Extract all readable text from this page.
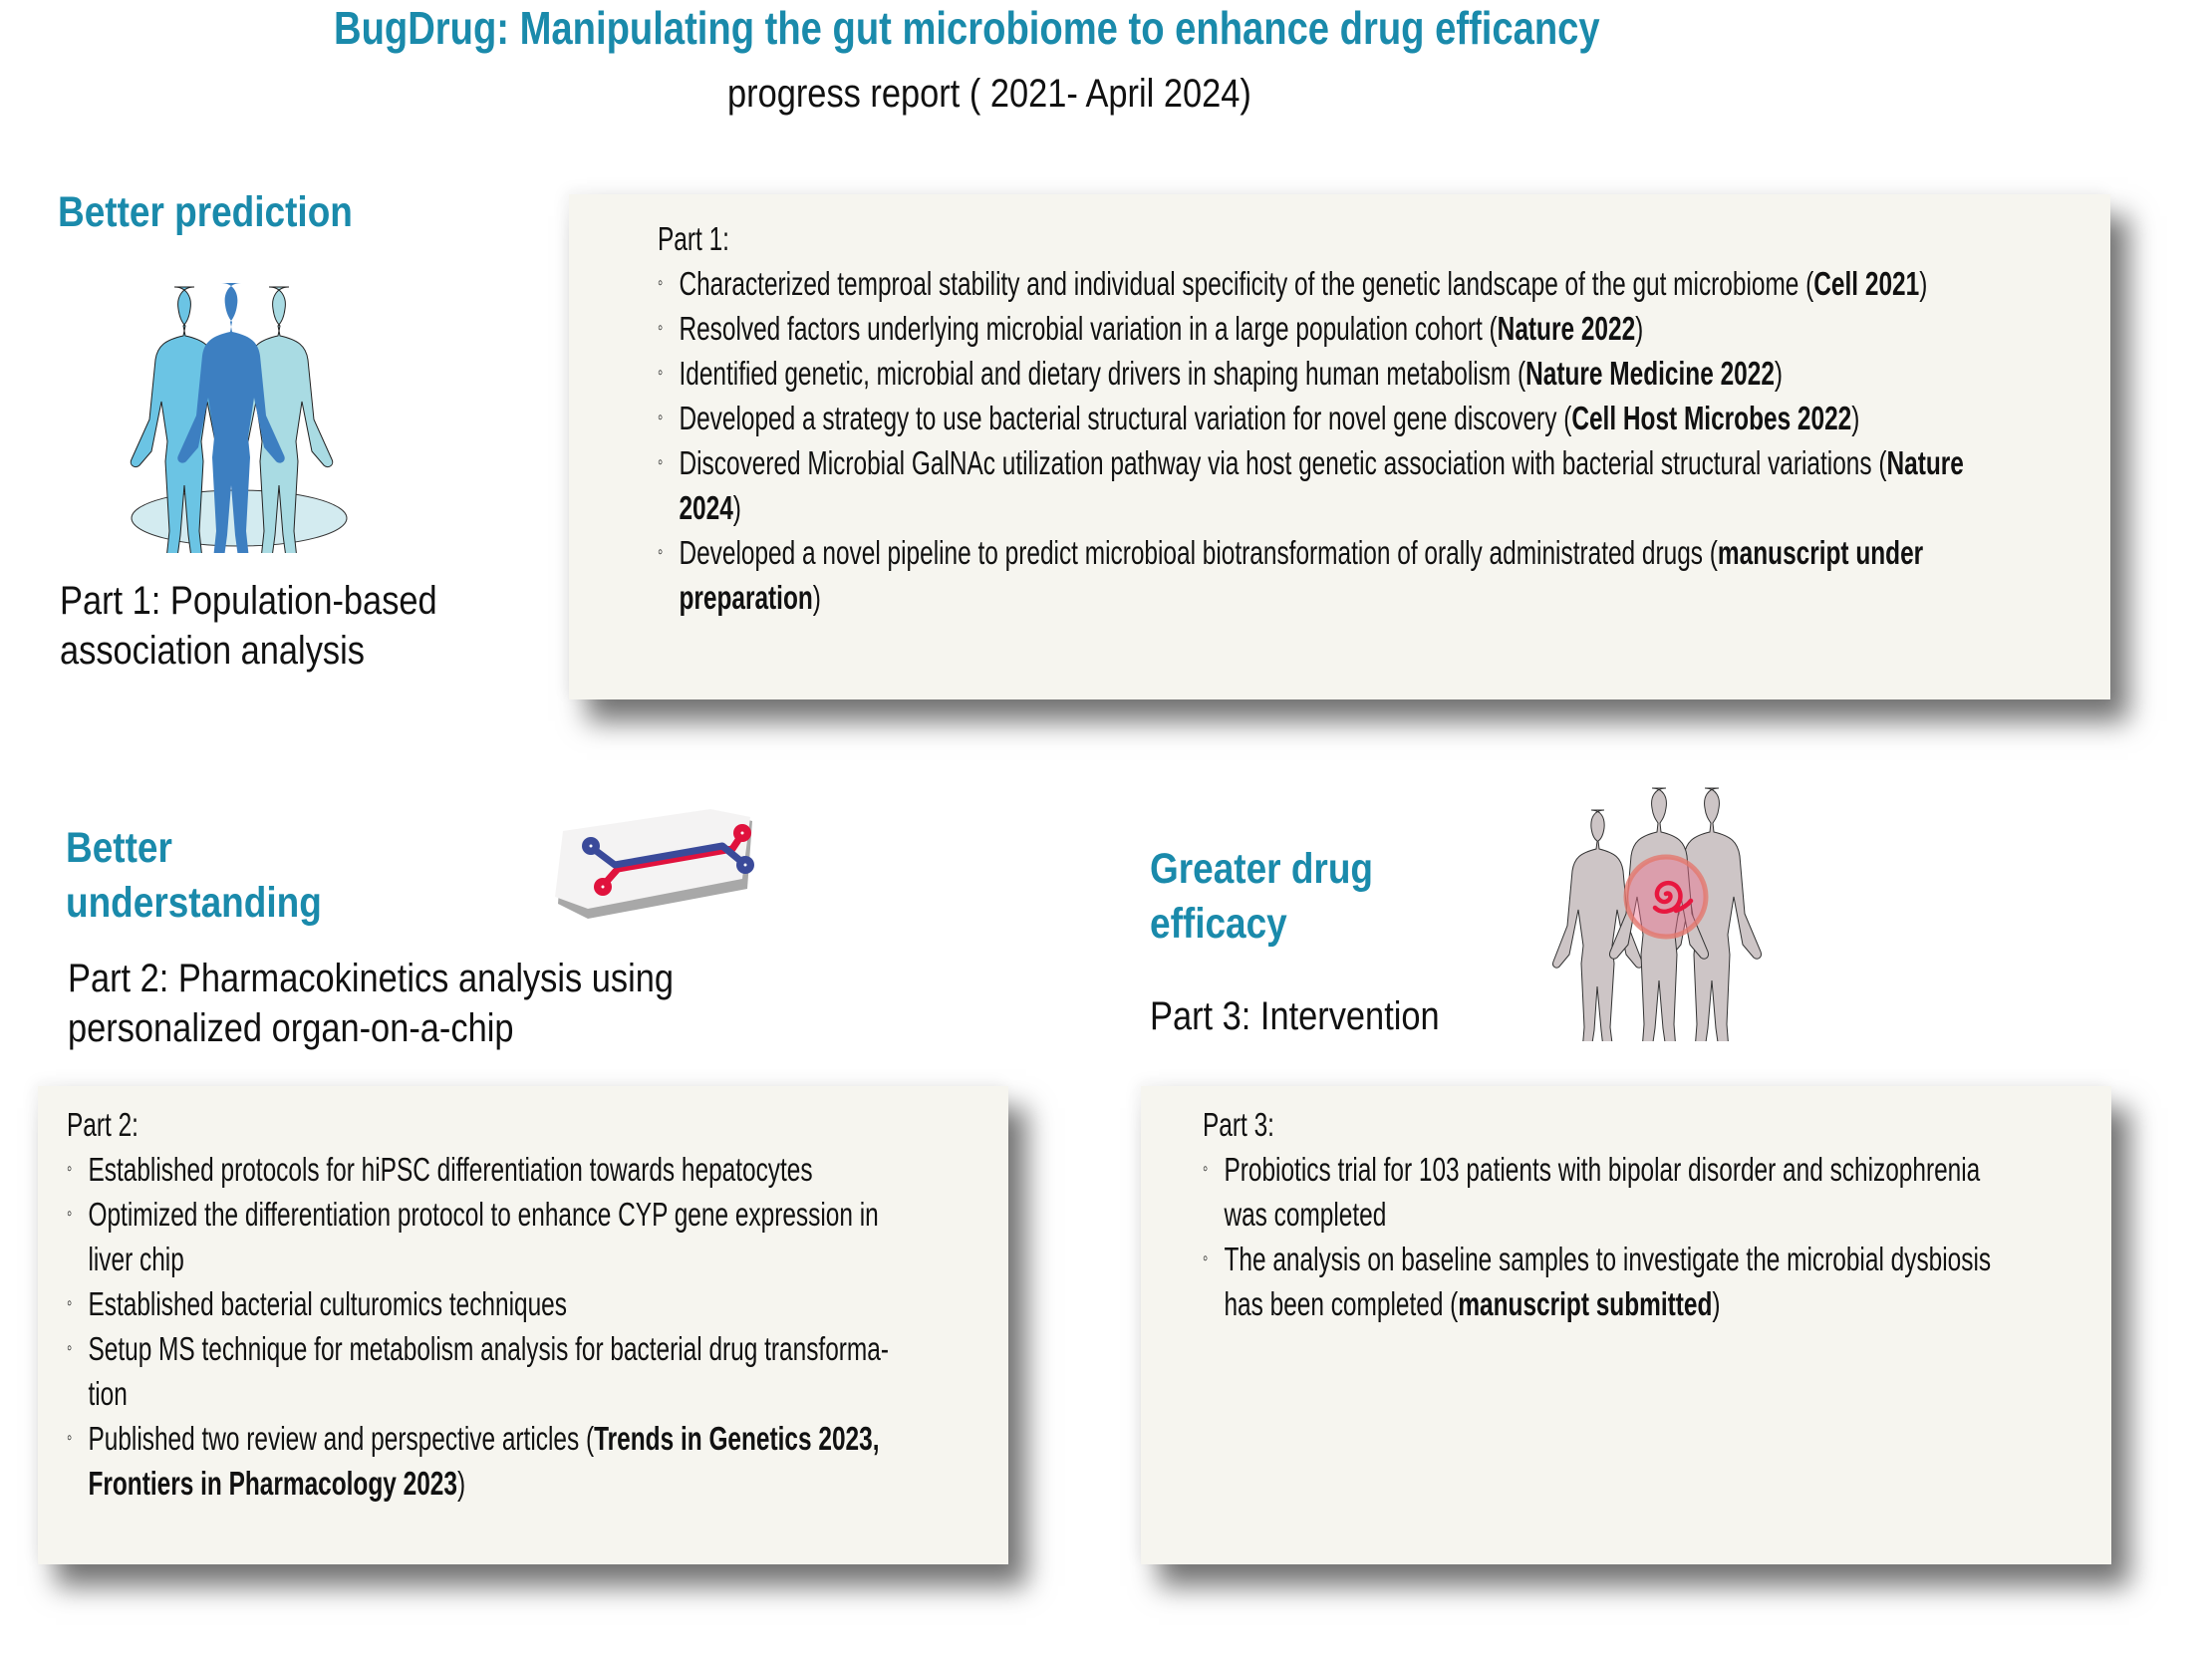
BugDrug: Manipulating the gut microbiome to enhance drug efficancy
progress report ( 2021- April 2024)
Better prediction
Part 1: Population-based
association analysis
Part 1:
◦ Characterized temproal stability and individual specificity of the genetic landscape of the gut microbiome (Cell 2021)
◦ Resolved factors underlying microbial variation in a large population cohort (Nature 2022)
◦ Identified genetic, microbial and dietary drivers in shaping human metabolism (Nature Medicine 2022)
◦ Developed a strategy to use bacterial structural variation for novel gene discovery (Cell Host Microbes 2022)
◦ Discovered Microbial GalNAc utilization pathway via host genetic association with bacterial structural variations (Nature
2024)
◦ Developed a novel pipeline to predict microbioal biotransformation of orally administrated drugs (manuscript under
preparation)
Better
understanding
Part 2: Pharmacokinetics analysis using
personalized organ-on-a-chip
Greater drug
efficacy
Part 3: Intervention
Part 2:
◦ Established protocols for hiPSC differentiation towards hepatocytes
◦ Optimized the differentiation protocol to enhance CYP gene expression in
liver chip
◦ Established bacterial culturomics techniques
◦ Setup MS technique for metabolism analysis for bacterial drug transforma-
tion
◦ Published two review and perspective articles (Trends in Genetics 2023,
Frontiers in Pharmacology 2023)
Part 3:
◦ Probiotics trial for 103 patients with bipolar disorder and schizophrenia
was completed
◦ The analysis on baseline samples to investigate the microbial dysbiosis
has been completed (manuscript submitted)
